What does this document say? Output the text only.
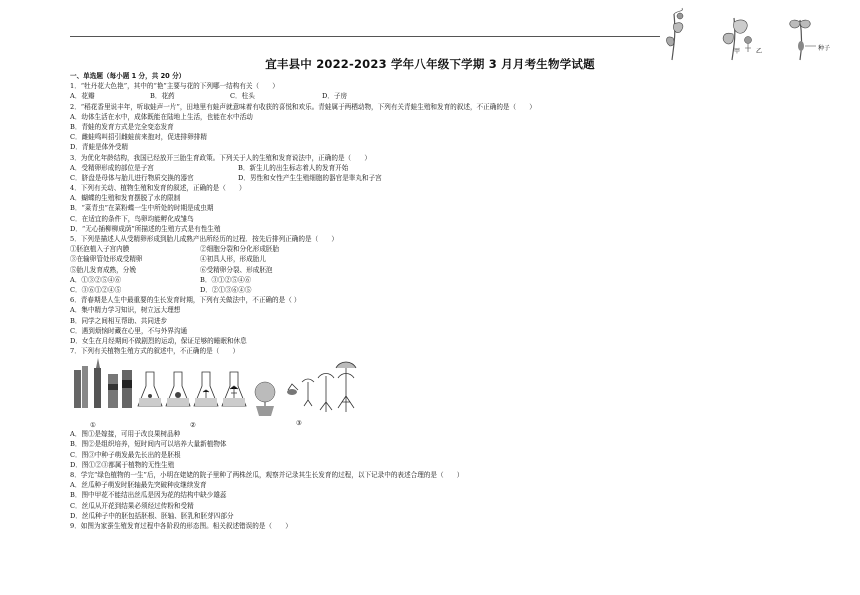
甲	乙	种子
宜丰县中 2022-2023 学年八年级下学期 3 月月考生物学试题
一、单选题（每小题 1 分，共 20 分）
1．“牡丹花大色艳”，其中的“艳”主要与花的下列哪一结构有关（　　）
A．花瓣	B．花药	C．柱头	D．子房
2．“稻花香里说丰年，听取蛙声一片”，田地里有蛙声就意味着有收获的喜悦和欢乐。青蛙属于两栖动物，下列有关青蛙生殖和发育的叙述，不正确的是（　　）
A．幼体生活在水中，成体既能在陆地上生活，也能在水中活动
B．青蛙的发育方式是完全变态发育
C．雌蛙鸣叫招引雌蛙前来抱对，促进排卵排精
D．青蛙是体外受精
3．为优化年龄结构，我国已经放开三胎生育政策。下列关于人的生殖和发育说法中，正确的是（　　）
A．受精卵形成的部位是子宫	B．新生儿的出生标志着人的发育开始
C．脐盘是母体与胎儿进行物质交换的器官	D．男性和女性产生生殖细胞的器官是睾丸和子宫
4．下列有关动、植物生殖和发育的叙述，正确的是（　　）
A．蝴蝶的生殖和发育摆脱了水的限制
B．“菜青虫”在菜粉蝶一生中所处的时期是成虫期
C．在适宜的条件下，鸟卵均能孵化成雏鸟
D．“无心插柳柳成荫”所描述的生殖方式是有性生殖
5．下列是描述人从受精卵形成到胎儿成熟产出所经历的过程．按先后排列正确的是（　　）
①胚泡植入子宫内膜	②细胞分裂和分化形成胚胎
③在输卵管处形成受精卵	④初具人形，形成胎儿
⑤胎儿发育成熟，分娩	⑥受精卵分裂、形成胚泡
A．①③②⑤④⑥	B．③①②⑤④⑥
C．③⑥①②④⑤	D．②①③⑥④⑤
6．青春期是人生中最重要的生长发育时期，下列有关做法中，不正确的是（ ）
A．集中精力学习知识，树立远大理想
B．同学之间相互帮助、共同进步
C．遇到烦恼时藏在心里，不与外界沟通
D．女生在月经期间不做剧烈的运动，保证足够的睡眠和休息
7．下列有关植物生殖方式的叙述中，不正确的是（　　）
①	②	③
A．图①是嫁接，可用于改良果树品种
B．图②是组织培养，短时间内可以培养大量新植物体
C．图③中种子萌发最先长出的是胚根
D．图①②③都属于植物的无性生殖
8．学完“绿色植物的一生”后，小明在姥姥的院子里种了两株丝瓜，观察并记录其生长发育的过程，以下记录中的表述合理的是（　　）
A．丝瓜种子萌发时胚轴最先突破种皮继续发育
B．图中甲花不能结出丝瓜是因为花的结构中缺少雄蕊
C．丝瓜从开花到结果必须经过传粉和受精
D．丝瓜种子中的胚包括胚根、胚轴、胚乳和胚芽四部分
9．如图为家蚕生殖发育过程中各阶段的形态图。相关叙述错误的是（　　）
